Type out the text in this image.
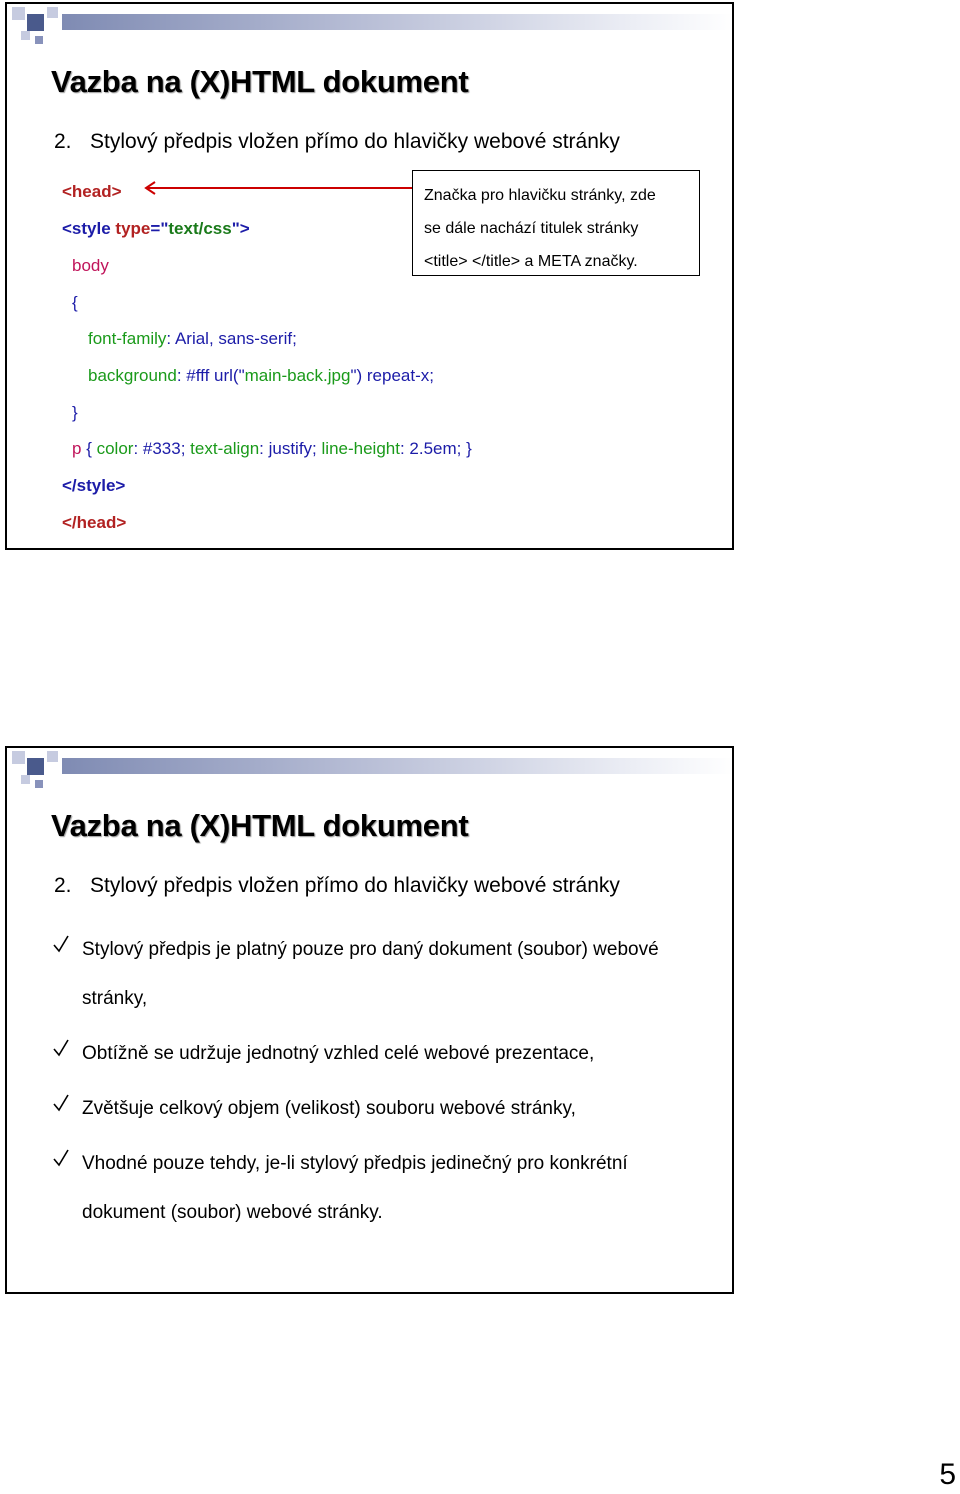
Vazba na (X)HTML dokument
2. Stylový předpis vložen přímo do hlavičky webové stránky
<head>
<style type="text/css">
body
{
font-family: Arial, sans-serif;
background: #fff url("main-back.jpg") repeat-x;
}
p { color: #333; text-align: justify; line-height: 2.5em; }
</style>
</head>
Značka pro hlavičku stránky, zde
se dále nachází titulek stránky
<title> </title> a META značky.
Vazba na (X)HTML dokument
2. Stylový předpis vložen přímo do hlavičky webové stránky
Stylový předpis je platný pouze pro daný dokument (soubor) webové stránky,
Obtížně se udržuje jednotný vzhled celé webové prezentace,
Zvětšuje celkový objem (velikost) souboru webové stránky,
Vhodné pouze tehdy, je-li stylový předpis jedinečný pro konkrétní dokument (soubor) webové stránky.
5
